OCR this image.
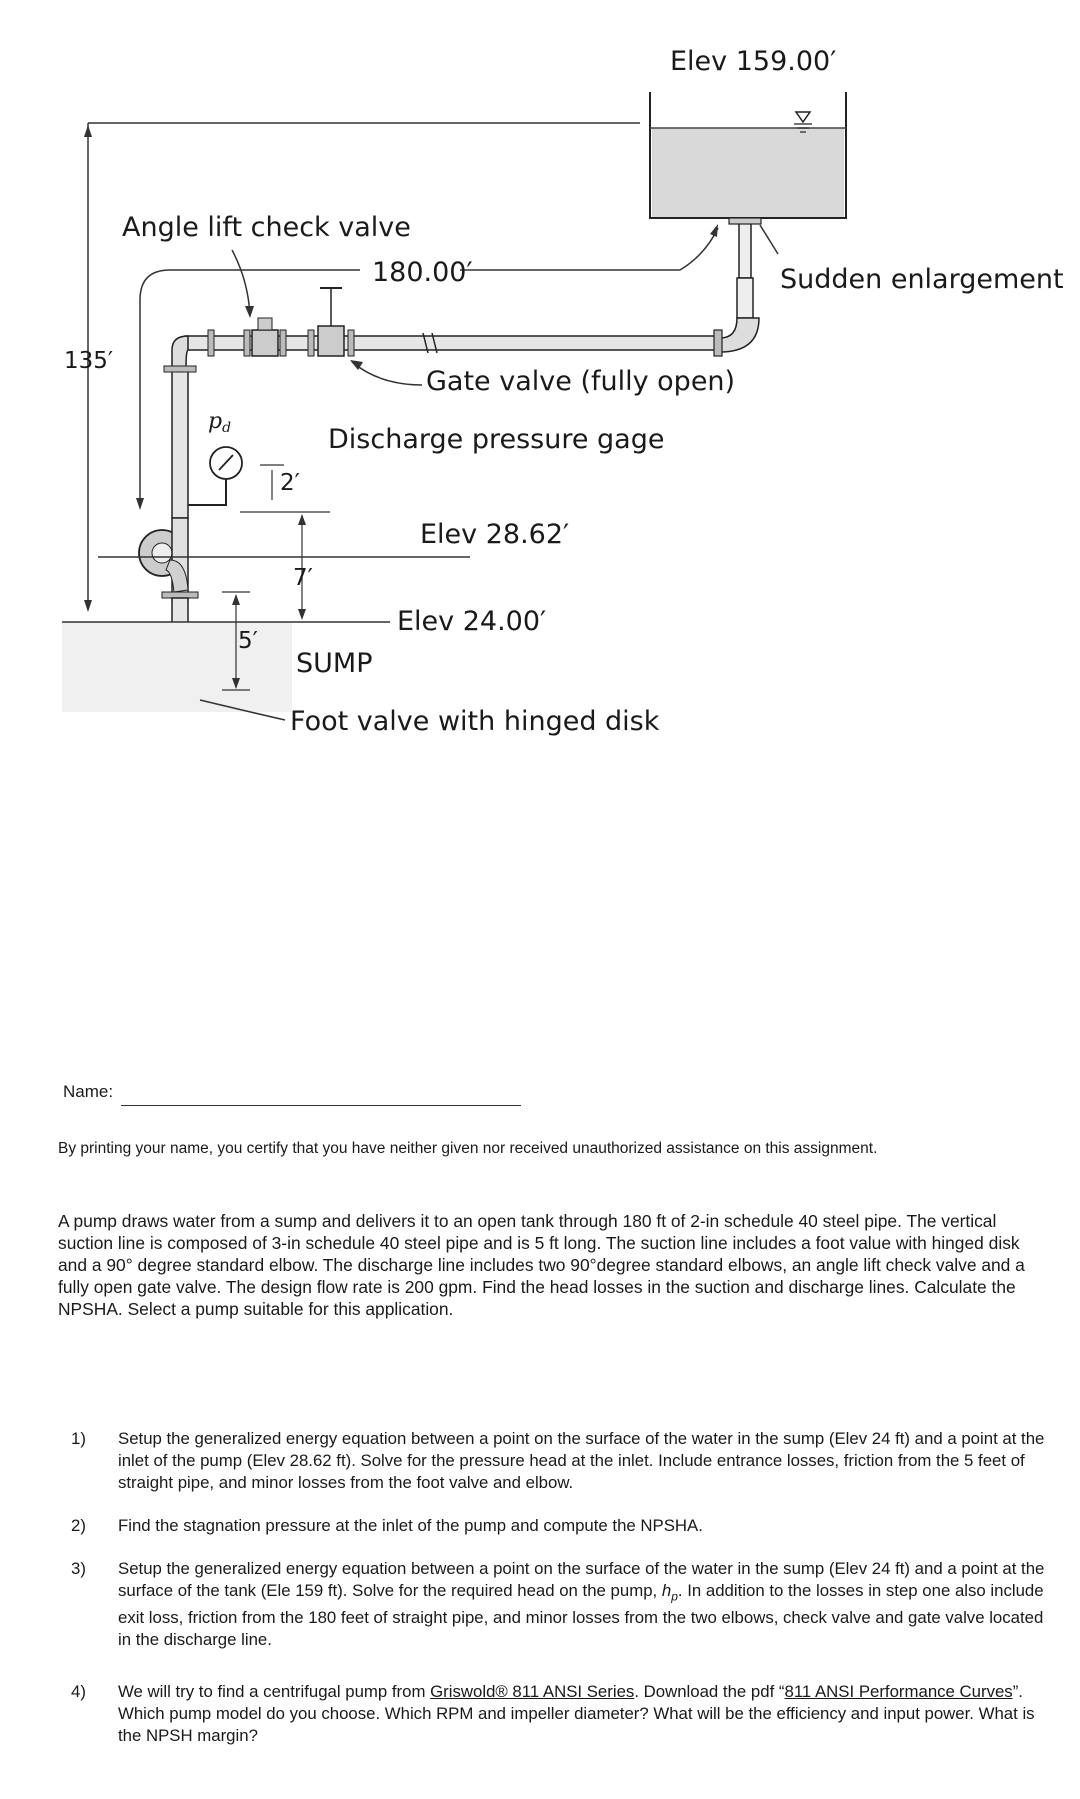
Elev 159.00′
Angle lift check valve
180.00′	Sudden enlargement
135′
Gate valve (fully open)
pd	Discharge pressure gage
2′
Elev 28.62′
7′
Elev 24.00′
5′
SUMP
Foot valve with hinged disk
Name:
By printing your name, you certify that you have neither given nor received unauthorized assistance on this assignment.
A pump draws water from a sump and delivers it to an open tank through 180 ft of 2-in schedule 40 steel pipe. The vertical suction line is composed of 3-in schedule 40 steel pipe and is 5 ft long. The suction line includes a foot value with hinged disk and a 90° degree standard elbow. The discharge line includes two 90°degree standard elbows, an angle lift check valve and a fully open gate valve. The design flow rate is 200 gpm. Find the head losses in the suction and discharge lines. Calculate the NPSHA. Select a pump suitable for this application.
1) Setup the generalized energy equation between a point on the surface of the water in the sump (Elev 24 ft) and a point at the inlet of the pump (Elev 28.62 ft). Solve for the pressure head at the inlet. Include entrance losses, friction from the 5 feet of straight pipe, and minor losses from the foot valve and elbow.
2) Find the stagnation pressure at the inlet of the pump and compute the NPSHA.
3) Setup the generalized energy equation between a point on the surface of the water in the sump (Elev 24 ft) and a point at the surface of the tank (Ele 159 ft). Solve for the required head on the pump, $h_p$. In addition to the losses in step one also include exit loss, friction from the 180 feet of straight pipe, and minor losses from the two elbows, check valve and gate valve located in the discharge line.
4) We will try to find a centrifugal pump from Griswold® 811 ANSI Series. Download the pdf “811 ANSI Performance Curves”. Which pump model do you choose. Which RPM and impeller diameter? What will be the efficiency and input power. What is the NPSH margin?
